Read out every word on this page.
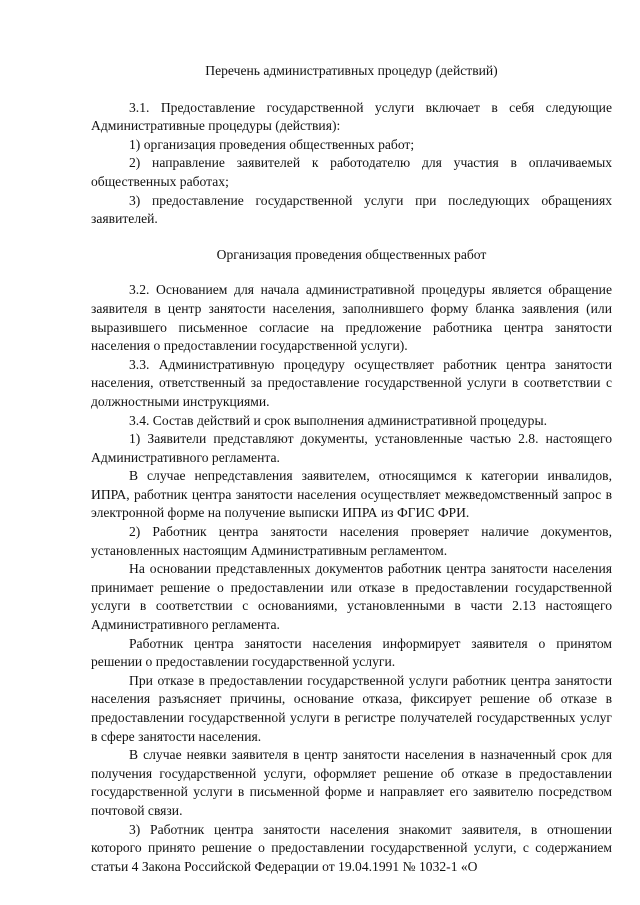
Перечень административных процедур (действий)

3.1. Предоставление государственной услуги включает в себя следующие Административные процедуры (действия):

1) организация проведения общественных работ;

2) направление заявителей к работодателю для участия в оплачиваемых общественных работах;

3) предоставление государственной услуги при последующих обращениях заявителей.

Организация проведения общественных работ

3.2. Основанием для начала административной процедуры является обращение заявителя в центр занятости населения, заполнившего форму бланка заявления (или выразившего письменное согласие на предложение работника центра занятости населения о предоставлении государственной услуги).

3.3. Административную процедуру осуществляет работник центра занятости населения, ответственный за предоставление государственной услуги в соответствии с должностными инструкциями.

3.4. Состав действий и срок выполнения административной процедуры.

1) Заявители представляют документы, установленные частью 2.8. настоящего Административного регламента.

В случае непредставления заявителем, относящимся к категории инвалидов, ИПРА, работник центра занятости населения осуществляет межведомственный запрос в электронной форме на получение выписки ИПРА из ФГИС ФРИ.

2) Работник центра занятости населения проверяет наличие документов, установленных настоящим Административным регламентом.

На основании представленных документов работник центра занятости населения принимает решение о предоставлении или отказе в предоставлении государственной услуги в соответствии с основаниями, установленными в части 2.13 настоящего Административного регламента.

Работник центра занятости населения информирует заявителя о принятом решении о предоставлении государственной услуги.

При отказе в предоставлении государственной услуги работник центра занятости населения разъясняет причины, основание отказа, фиксирует решение об отказе в предоставлении государственной услуги в регистре получателей государственных услуг в сфере занятости населения.

В случае неявки заявителя в центр занятости населения в назначенный срок для получения государственной услуги, оформляет решение об отказе в предоставлении государственной услуги в письменной форме и направляет его заявителю посредством почтовой связи.

3) Работник центра занятости населения знакомит заявителя, в отношении которого принято решение о предоставлении государственной услуги, с содержанием статьи 4 Закона Российской Федерации от 19.04.1991 № 1032-1 «О
